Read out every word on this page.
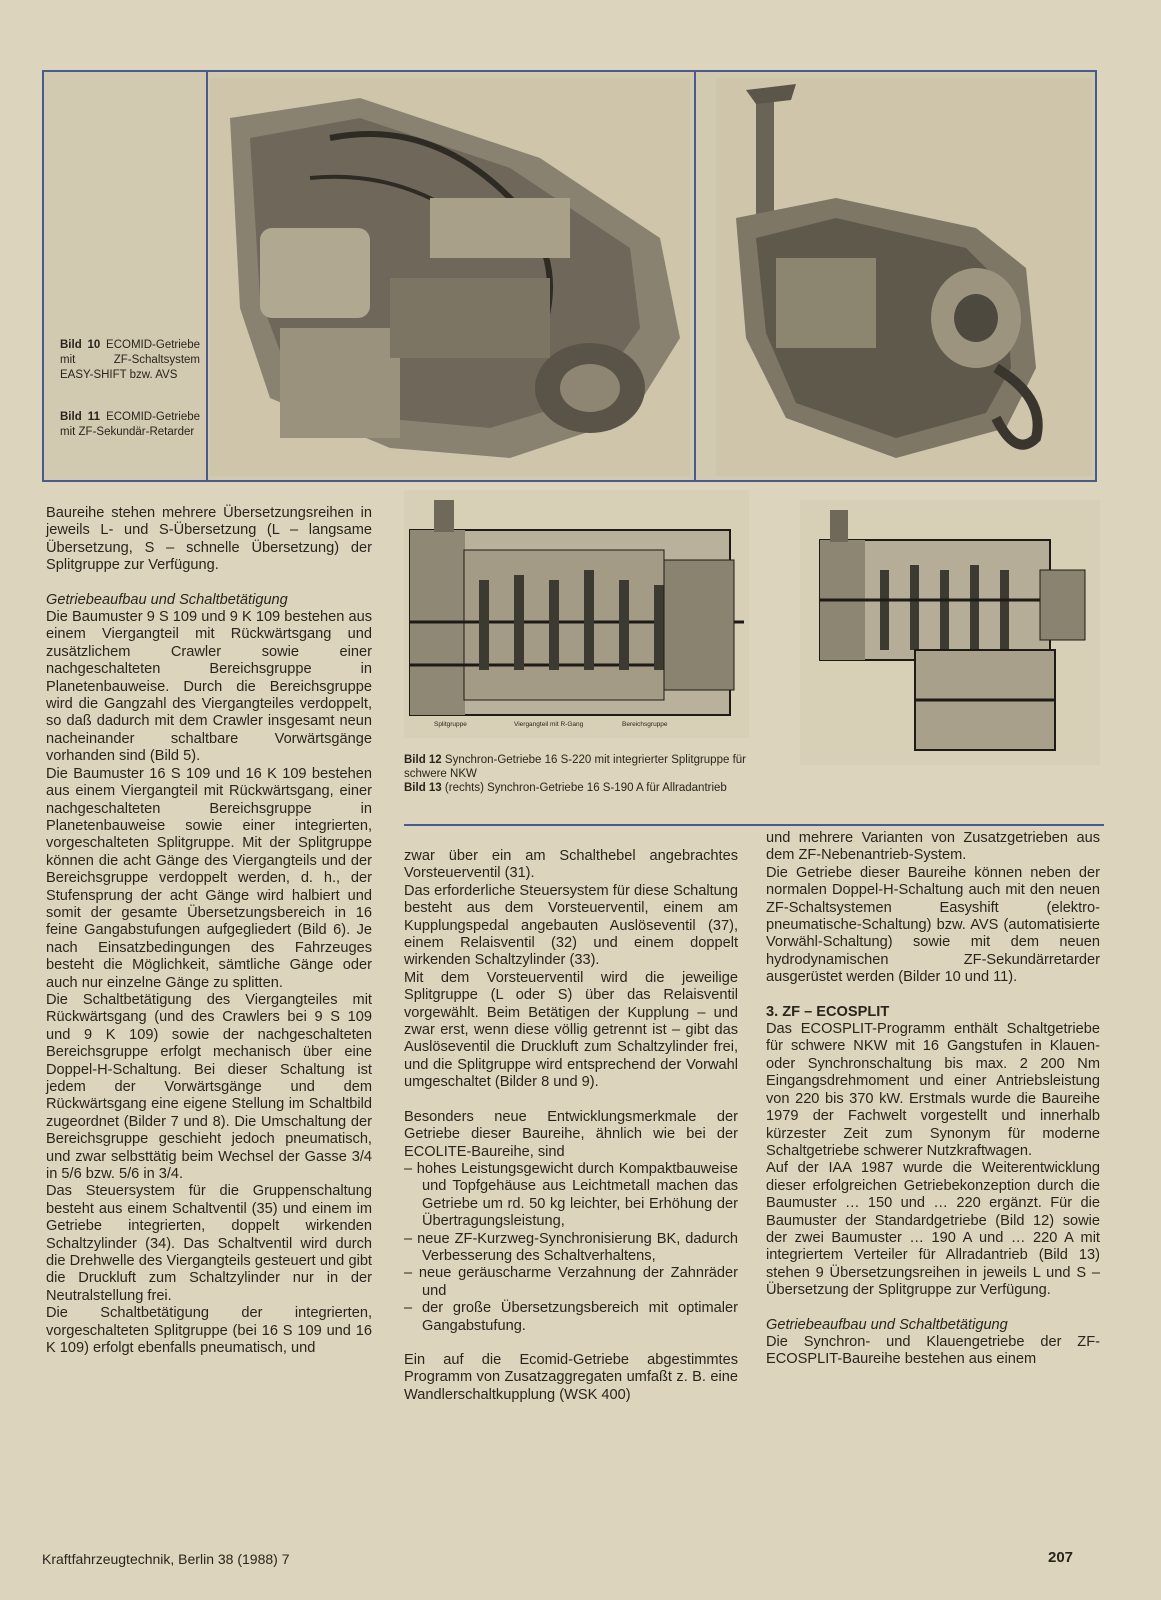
Bild 10 ECOMID-Getriebe mit ZF-Schaltsystem EASY-SHIFT bzw. AVS
Bild 11 ECOMID-Getriebe mit ZF-Sekundär-Retarder

Baureihe stehen mehrere Übersetzungsreihen in jeweils L- und S-Übersetzung (L – langsame Übersetzung, S – schnelle Übersetzung) der Splitgruppe zur Verfügung.

Getriebeaufbau und Schaltbetätigung

Die Baumuster 9 S 109 und 9 K 109 bestehen aus einem Viergangteil mit Rückwärtsgang und zusätzlichem Crawler sowie einer nachgeschalteten Bereichsgruppe in Planetenbauweise. Durch die Bereichsgruppe wird die Gangzahl des Viergangteiles verdoppelt, so daß dadurch mit dem Crawler insgesamt neun nacheinander schaltbare Vorwärtsgänge vorhanden sind (Bild 5).

Die Baumuster 16 S 109 und 16 K 109 bestehen aus einem Viergangteil mit Rückwärtsgang, einer nachgeschalteten Bereichsgruppe in Planetenbauweise sowie einer integrierten, vorgeschalteten Splitgruppe. Mit der Splitgruppe können die acht Gänge des Viergangteils und der Bereichsgruppe verdoppelt werden, d. h., der Stufensprung der acht Gänge wird halbiert und somit der gesamte Übersetzungsbereich in 16 feine Gangabstufungen aufgegliedert (Bild 6). Je nach Einsatzbedingungen des Fahrzeuges besteht die Möglichkeit, sämtliche Gänge oder auch nur einzelne Gänge zu splitten.

Die Schaltbetätigung des Viergangteiles mit Rückwärtsgang (und des Crawlers bei 9 S 109 und 9 K 109) sowie der nachgeschalteten Bereichsgruppe erfolgt mechanisch über eine Doppel-H-Schaltung. Bei dieser Schaltung ist jedem der Vorwärtsgänge und dem Rückwärtsgang eine eigene Stellung im Schaltbild zugeordnet (Bilder 7 und 8). Die Umschaltung der Bereichsgruppe geschieht jedoch pneumatisch, und zwar selbsttätig beim Wechsel der Gasse 3/4 in 5/6 bzw. 5/6 in 3/4.

Das Steuersystem für die Gruppenschaltung besteht aus einem Schaltventil (35) und einem im Getriebe integrierten, doppelt wirkenden Schaltzylinder (34). Das Schaltventil wird durch die Drehwelle des Viergangteils gesteuert und gibt die Druckluft zum Schaltzylinder nur in der Neutralstellung frei.

Die Schaltbetätigung der integrierten, vorgeschalteten Splitgruppe (bei 16 S 109 und 16 K 109) erfolgt ebenfalls pneumatisch, und

Splitgruppe	Viergangteil mit R-Gang	Bereichsgruppe
Bild 12 Synchron-Getriebe 16 S-220 mit integrierter Splitgruppe für schwere NKW
Bild 13 (rechts) Synchron-Getriebe 16 S-190 A für Allradantrieb

zwar über ein am Schalthebel angebrachtes Vorsteuerventil (31).

Das erforderliche Steuersystem für diese Schaltung besteht aus dem Vorsteuerventil, einem am Kupplungspedal angebauten Auslöseventil (37), einem Relaisventil (32) und einem doppelt wirkenden Schaltzylinder (33).

Mit dem Vorsteuerventil wird die jeweilige Splitgruppe (L oder S) über das Relaisventil vorgewählt. Beim Betätigen der Kupplung – und zwar erst, wenn diese völlig getrennt ist – gibt das Auslöseventil die Druckluft zum Schaltzylinder frei, und die Splitgruppe wird entsprechend der Vorwahl umgeschaltet (Bilder 8 und 9).

Besonders neue Entwicklungsmerkmale der Getriebe dieser Baureihe, ähnlich wie bei der ECOLITE-Baureihe, sind

– hohes Leistungsgewicht durch Kompaktbauweise und Topfgehäuse aus Leichtmetall machen das Getriebe um rd. 50 kg leichter, bei Erhöhung der Übertragungsleistung,
– neue ZF-Kurzweg-Synchronisierung BK, dadurch Verbesserung des Schaltverhaltens,
– neue geräuscharme Verzahnung der Zahnräder und
– der große Übersetzungsbereich mit optimaler Gangabstufung.

Ein auf die Ecomid-Getriebe abgestimmtes Programm von Zusatzaggregaten umfaßt z. B. eine Wandlerschaltkupplung (WSK 400)

und mehrere Varianten von Zusatzgetrieben aus dem ZF-Nebenantrieb-System.

Die Getriebe dieser Baureihe können neben der normalen Doppel-H-Schaltung auch mit den neuen ZF-Schaltsystemen Easyshift (elektro-pneumatische-Schaltung) bzw. AVS (automatisierte Vorwähl-Schaltung) sowie mit dem neuen hydrodynamischen ZF-Sekundärretarder ausgerüstet werden (Bilder 10 und 11).

3. ZF – ECOSPLIT

Das ECOSPLIT-Programm enthält Schaltgetriebe für schwere NKW mit 16 Gangstufen in Klauen- oder Synchronschaltung bis max. 2 200 Nm Eingangsdrehmoment und einer Antriebsleistung von 220 bis 370 kW. Erstmals wurde die Baureihe 1979 der Fachwelt vorgestellt und innerhalb kürzester Zeit zum Synonym für moderne Schaltgetriebe schwerer Nutzkraftwagen.

Auf der IAA 1987 wurde die Weiterentwicklung dieser erfolgreichen Getriebekonzeption durch die Baumuster … 150 und … 220 ergänzt. Für die Baumuster der Standardgetriebe (Bild 12) sowie der zwei Baumuster … 190 A und … 220 A mit integriertem Verteiler für Allradantrieb (Bild 13) stehen 9 Übersetzungsreihen in jeweils L und S – Übersetzung der Splitgruppe zur Verfügung.

Getriebeaufbau und Schaltbetätigung

Die Synchron- und Klauengetriebe der ZF-ECOSPLIT-Baureihe bestehen aus einem

Kraftfahrzeugtechnik, Berlin 38 (1988) 7	207
